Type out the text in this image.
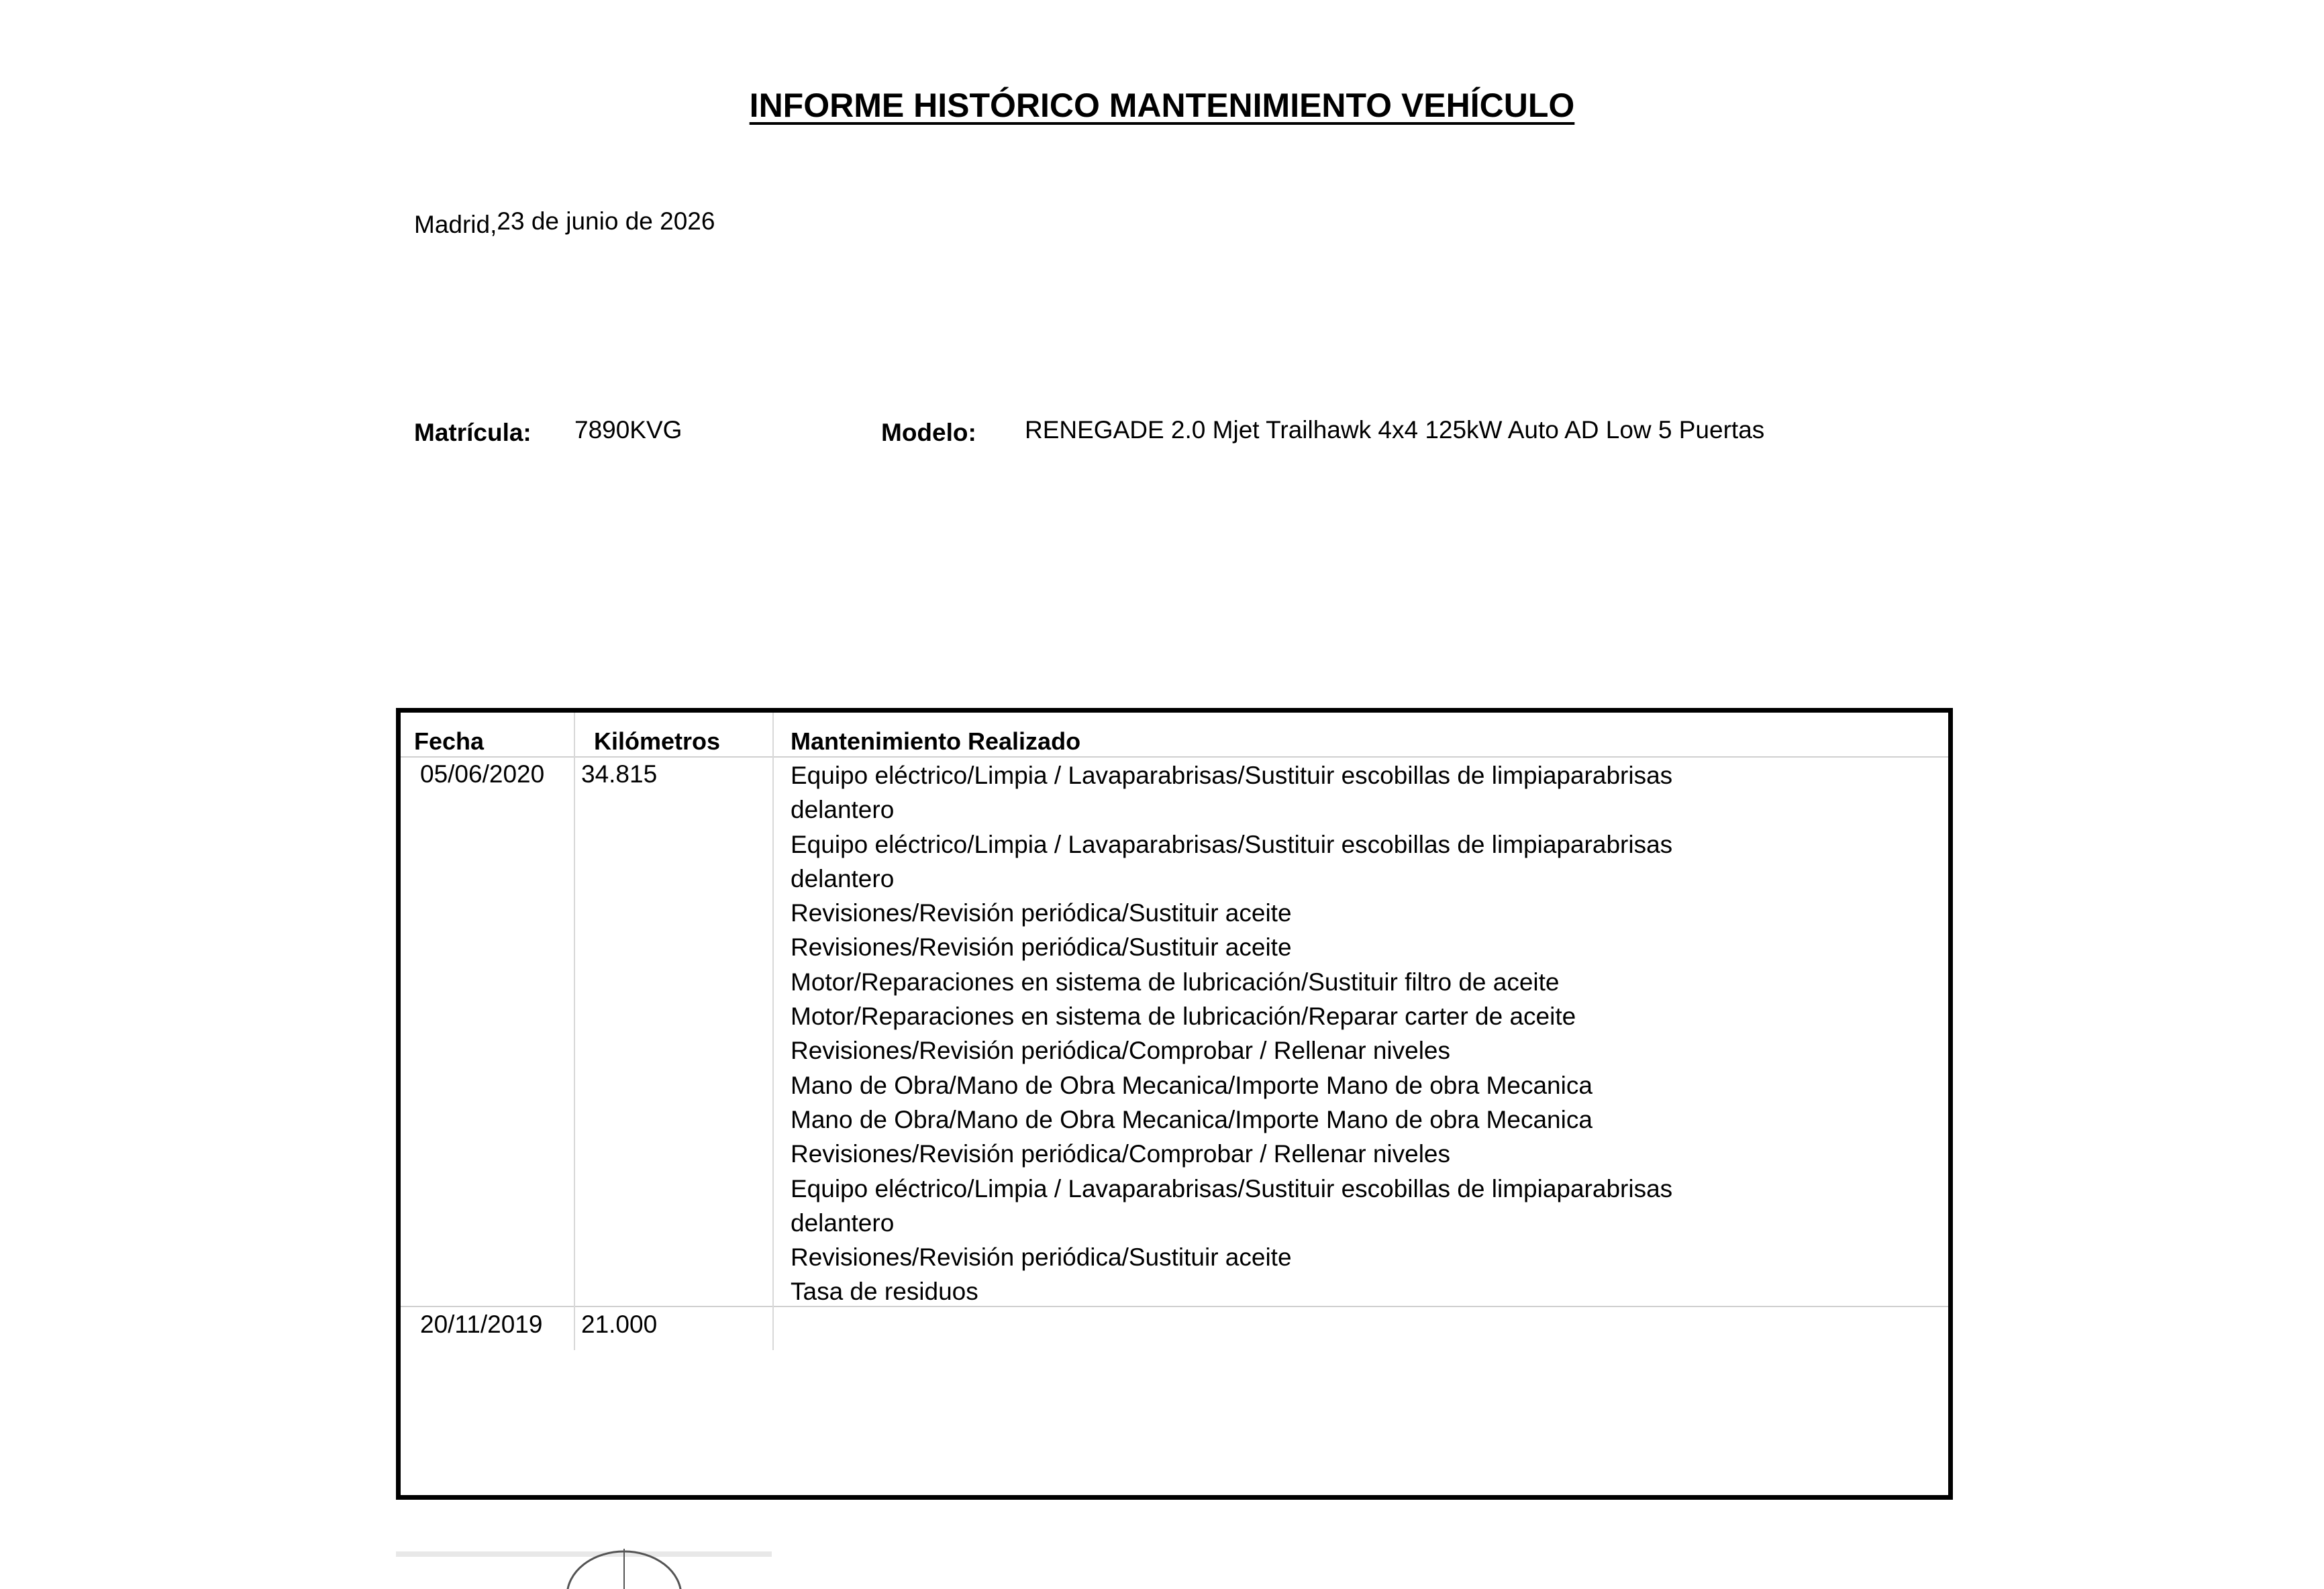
INFORME HISTÓRICO MANTENIMIENTO VEHÍCULO
Madrid,23 de junio de 2026
Matrícula: 7890KVG	Modelo: RENEGADE 2.0 Mjet Trailhawk 4x4 125kW Auto AD Low 5 Puertas
Fecha	Kilómetros	Mantenimiento Realizado
05/06/2020 34.815	Equipo eléctrico/Limpia / Lavaparabrisas/Sustituir escobillas de limpiaparabrisas delantero
Equipo eléctrico/Limpia / Lavaparabrisas/Sustituir escobillas de limpiaparabrisas delantero
Revisiones/Revisión periódica/Sustituir aceite
Revisiones/Revisión periódica/Sustituir aceite
Motor/Reparaciones en sistema de lubricación/Sustituir filtro de aceite
Motor/Reparaciones en sistema de lubricación/Reparar carter de aceite
Revisiones/Revisión periódica/Comprobar / Rellenar niveles
Mano de Obra/Mano de Obra Mecanica/Importe Mano de obra Mecanica
Mano de Obra/Mano de Obra Mecanica/Importe Mano de obra Mecanica
Revisiones/Revisión periódica/Comprobar / Rellenar niveles
Equipo eléctrico/Limpia / Lavaparabrisas/Sustituir escobillas de limpiaparabrisas delantero
Revisiones/Revisión periódica/Sustituir aceite
Tasa de residuos
20/11/2019 21.000
